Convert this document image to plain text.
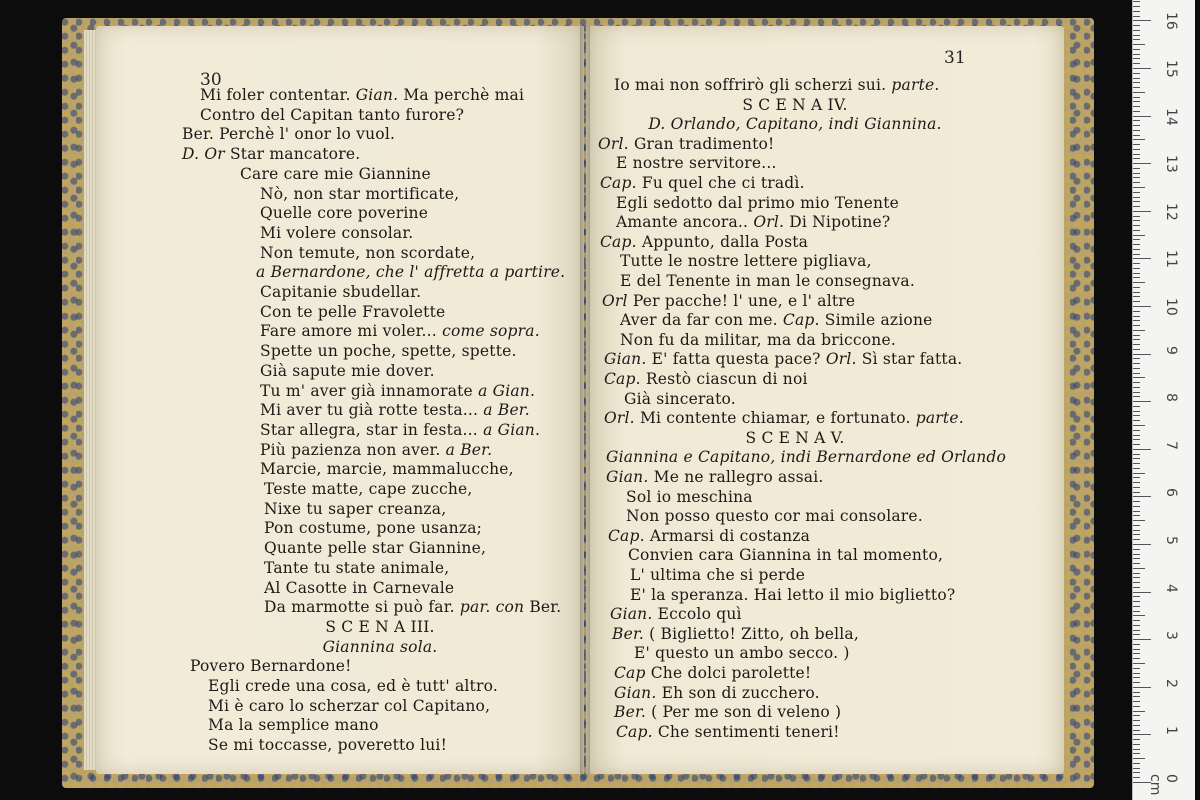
30
31
Mi foler contentar. Gian. Ma perchè mai
Contro del Capitan tanto furore?
Ber. Perchè l' onor lo vuol.
D. Or Star mancatore.
Care care mie Giannine
Nò, non star mortificate,
Quelle core poverine
Mi volere consolar.
Non temute, non scordate,
a Bernardone, che l' affretta a partire.
Capitanie sbudellar.
Con te pelle Fravolette
Fare amore mi voler... come sopra.
Spette un poche, spette, spette.
Già sapute mie dover.
Tu m' aver già innamorate a Gian.
Mi aver tu già rotte testa... a Ber.
Star allegra, star in festa... a Gian.
Più pazienza non aver. a Ber.
Marcie, marcie, mammalucche,
Teste matte, cape zucche,
Nixe tu saper creanza,
Pon costume, pone usanza;
Quante pelle star Giannine,
Tante tu state animale,
Al Casotte in Carnevale
Da marmotte si può far. par. con Ber.
S C E N A III.
Giannina sola.
Povero Bernardone!
Egli crede una cosa, ed è tutt' altro.
Mi è caro lo scherzar col Capitano,
Ma la semplice mano
Se mi toccasse, poveretto lui!
Io mai non soffrirò gli scherzi sui. parte.
S C E N A IV.
D. Orlando, Capitano, indi Giannina.
Orl. Gran tradimento!
E nostre servitore...
Cap. Fu quel che ci tradì.
Egli sedotto dal primo mio Tenente
Amante ancora.. Orl. Di Nipotine?
Cap. Appunto, dalla Posta
Tutte le nostre lettere pigliava,
E del Tenente in man le consegnava.
Orl Per pacche! l' une, e l' altre
Aver da far con me. Cap. Simile azione
Non fu da militar, ma da briccone.
Gian. E' fatta questa pace? Orl. Sì star fatta.
Cap. Restò ciascun di noi
Già sincerato.
Orl. Mi contente chiamar, e fortunato. parte.
S C E N A V.
Giannina e Capitano, indi Bernardone ed Orlando
Gian. Me ne rallegro assai.
Sol io meschina
Non posso questo cor mai consolare.
Cap. Armarsi di costanza
Convien cara Giannina in tal momento,
L' ultima che si perde
E' la speranza. Hai letto il mio biglietto?
Gian. Eccolo quì
Ber. ( Biglietto! Zitto, oh bella,
E' questo un ambo secco. )
Cap Che dolci parolette!
Gian. Eh son di zucchero.
Ber. ( Per me son di veleno )
Cap. Che sentimenti teneri!
0 cm
1
2
3
4
5
6
7
8
9
10
11
12
13
14
15
16
